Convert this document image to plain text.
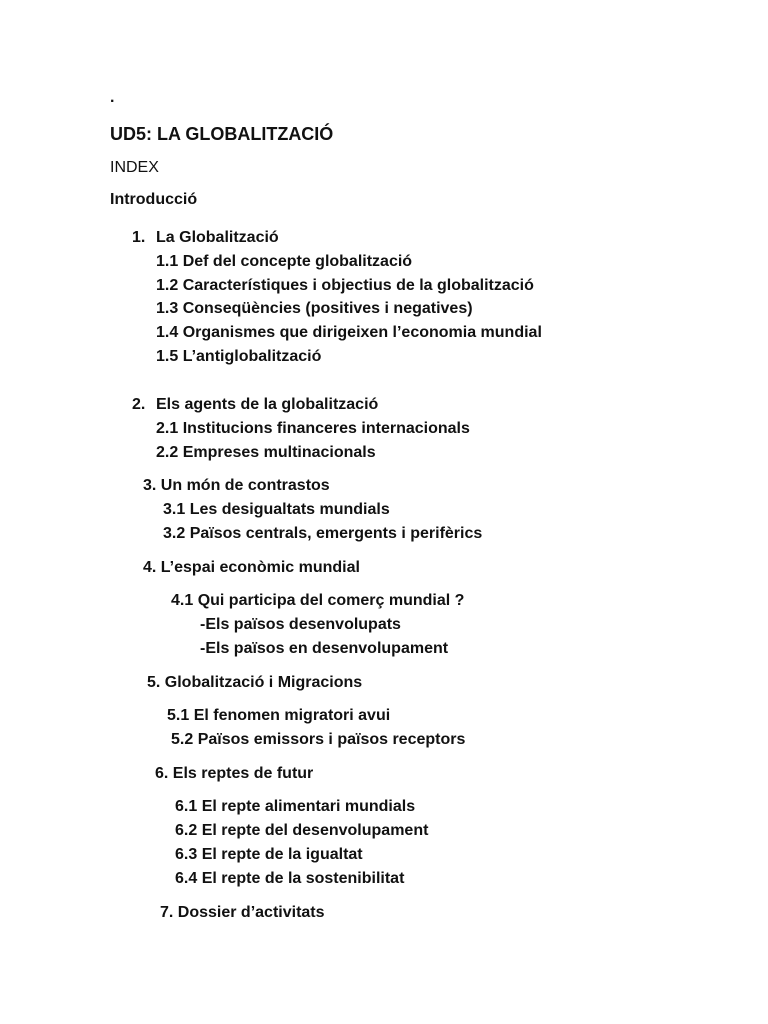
.
UD5: LA GLOBALITZACIÓ
INDEX
Introducció
1. La Globalització
1.1 Def del concepte globalització
1.2 Característiques i objectius de la globalització
1.3 Conseqüències (positives i negatives)
1.4 Organismes que dirigeixen l’economia mundial
1.5 L’antiglobalització
2. Els agents de la globalització
2.1 Institucions financeres internacionals
2.2 Empreses multinacionals
3. Un món de contrastos
3.1 Les desigualtats mundials
3.2 Països centrals, emergents i perifèrics
4. L’espai econòmic mundial
4.1 Qui participa del comerç mundial ?
-Els països desenvolupats
-Els països en desenvolupament
5. Globalització i Migracions
5.1 El fenomen migratori avui
5.2 Països emissors i països receptors
6. Els reptes de futur
6.1 El repte alimentari mundials
6.2 El repte del desenvolupament
6.3 El repte de la igualtat
6.4 El repte de la sostenibilitat
7. Dossier d’activitats
